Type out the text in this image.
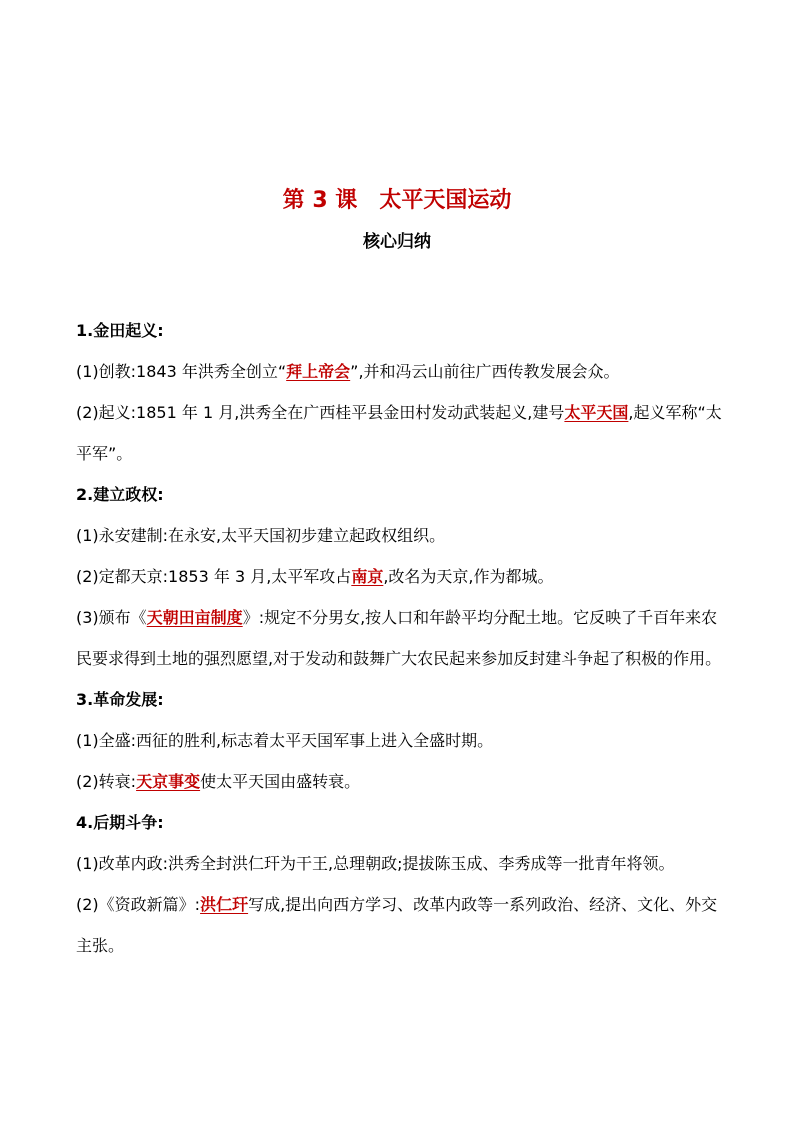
第 3 课 太平天国运动
核心归纳

1.金田起义:

(1)创教:1843 年洪秀全创立“拜上帝会”,并和冯云山前往广西传教发展会众。

(2)起义:1851 年 1 月,洪秀全在广西桂平县金田村发动武装起义,建号太平天国,起义军称“太平军”。

2.建立政权:

(1)永安建制:在永安,太平天国初步建立起政权组织。

(2)定都天京:1853 年 3 月,太平军攻占南京,改名为天京,作为都城。

(3)颁布《天朝田亩制度》:规定不分男女,按人口和年龄平均分配土地。它反映了千百年来农民要求得到土地的强烈愿望,对于发动和鼓舞广大农民起来参加反封建斗争起了积极的作用。

3.革命发展:

(1)全盛:西征的胜利,标志着太平天国军事上进入全盛时期。

(2)转衰:天京事变使太平天国由盛转衰。

4.后期斗争:

(1)改革内政:洪秀全封洪仁玕为干王,总理朝政;提拔陈玉成、李秀成等一批青年将领。

(2)《资政新篇》:洪仁玕写成,提出向西方学习、改革内政等一系列政治、经济、文化、外交主张。
